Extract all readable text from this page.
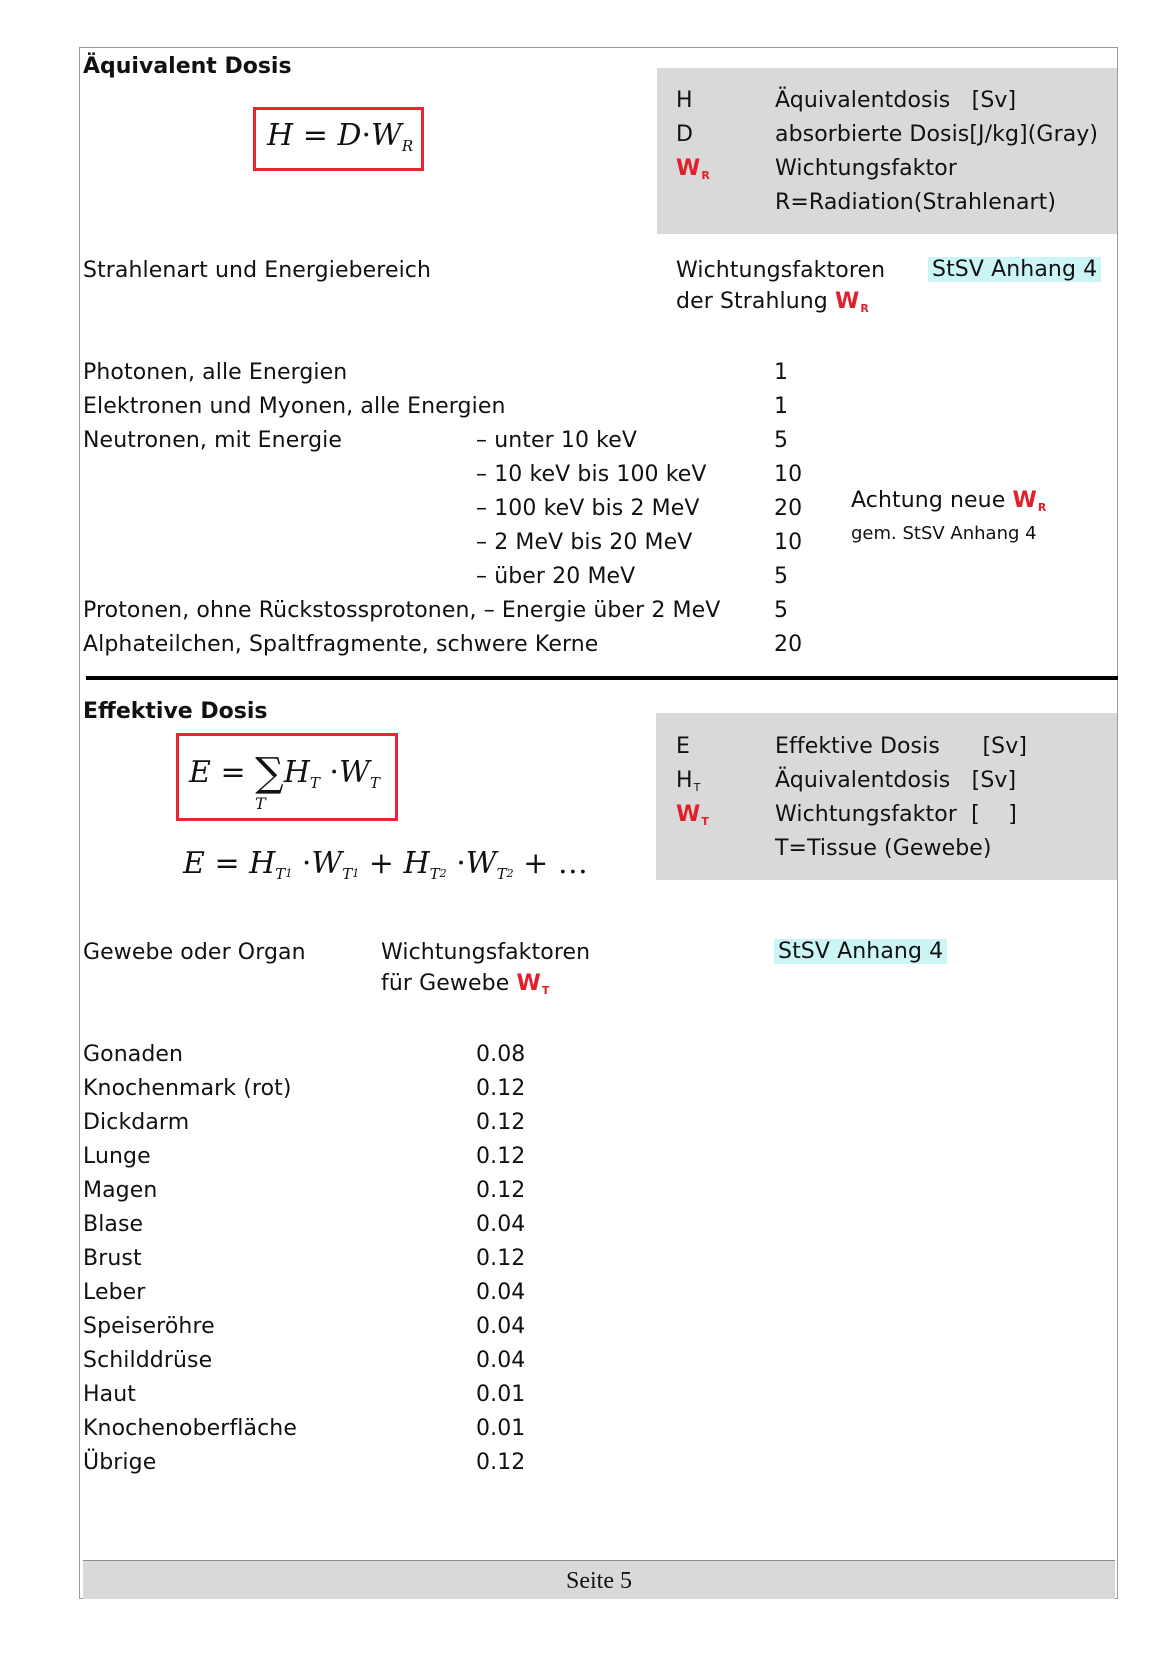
Äquivalent Dosis
$H = D\cdot W_R$
H	Äquivalentdosis   [Sv]
D	absorbierte Dosis[J/kg](Gray)
WR	Wichtungsfaktor
R=Radiation(Strahlenart)
Strahlenart und Energiebereich	Wichtungsfaktoren
der Strahlung WR
StSV Anhang 4
Photonen, alle Energien	1
Elektronen und Myonen, alle Energien	1
Neutronen, mit Energie	– unter 10 keV	5
– 10 keV bis 100 keV	10
– 100 keV bis 2 MeV	20
– 2 MeV bis 20 MeV	10
– über 20 MeV	5
Protonen, ohne Rückstossprotonen, – Energie über 2 MeV 5
Alphateilchen, Spaltfragmente, schwere Kerne	20
Achtung neue WR
gem. StSV Anhang 4
Effektive Dosis
$E = \sum H_T \cdot W_T$
T
$E = H_T1 \cdot W_T1 + H_T2 \cdot W_T2$ + …
E	Effektive Dosis      [Sv]
$H_T$	Äquivalentdosis   [Sv]
WT	Wichtungsfaktor  [    ]
T=Tissue (Gewebe)
Gewebe oder Organ	Wichtungsfaktoren
für Gewebe WT
StSV Anhang 4
Gonaden	0.08
Knochenmark (rot)	0.12
Dickdarm	0.12
Lunge	0.12
Magen	0.12
Blase	0.04
Brust	0.12
Leber	0.04
Speiseröhre	0.04
Schilddrüse	0.04
Haut	0.01
Knochenoberfläche	0.01
Übrige	0.12
Seite 5
